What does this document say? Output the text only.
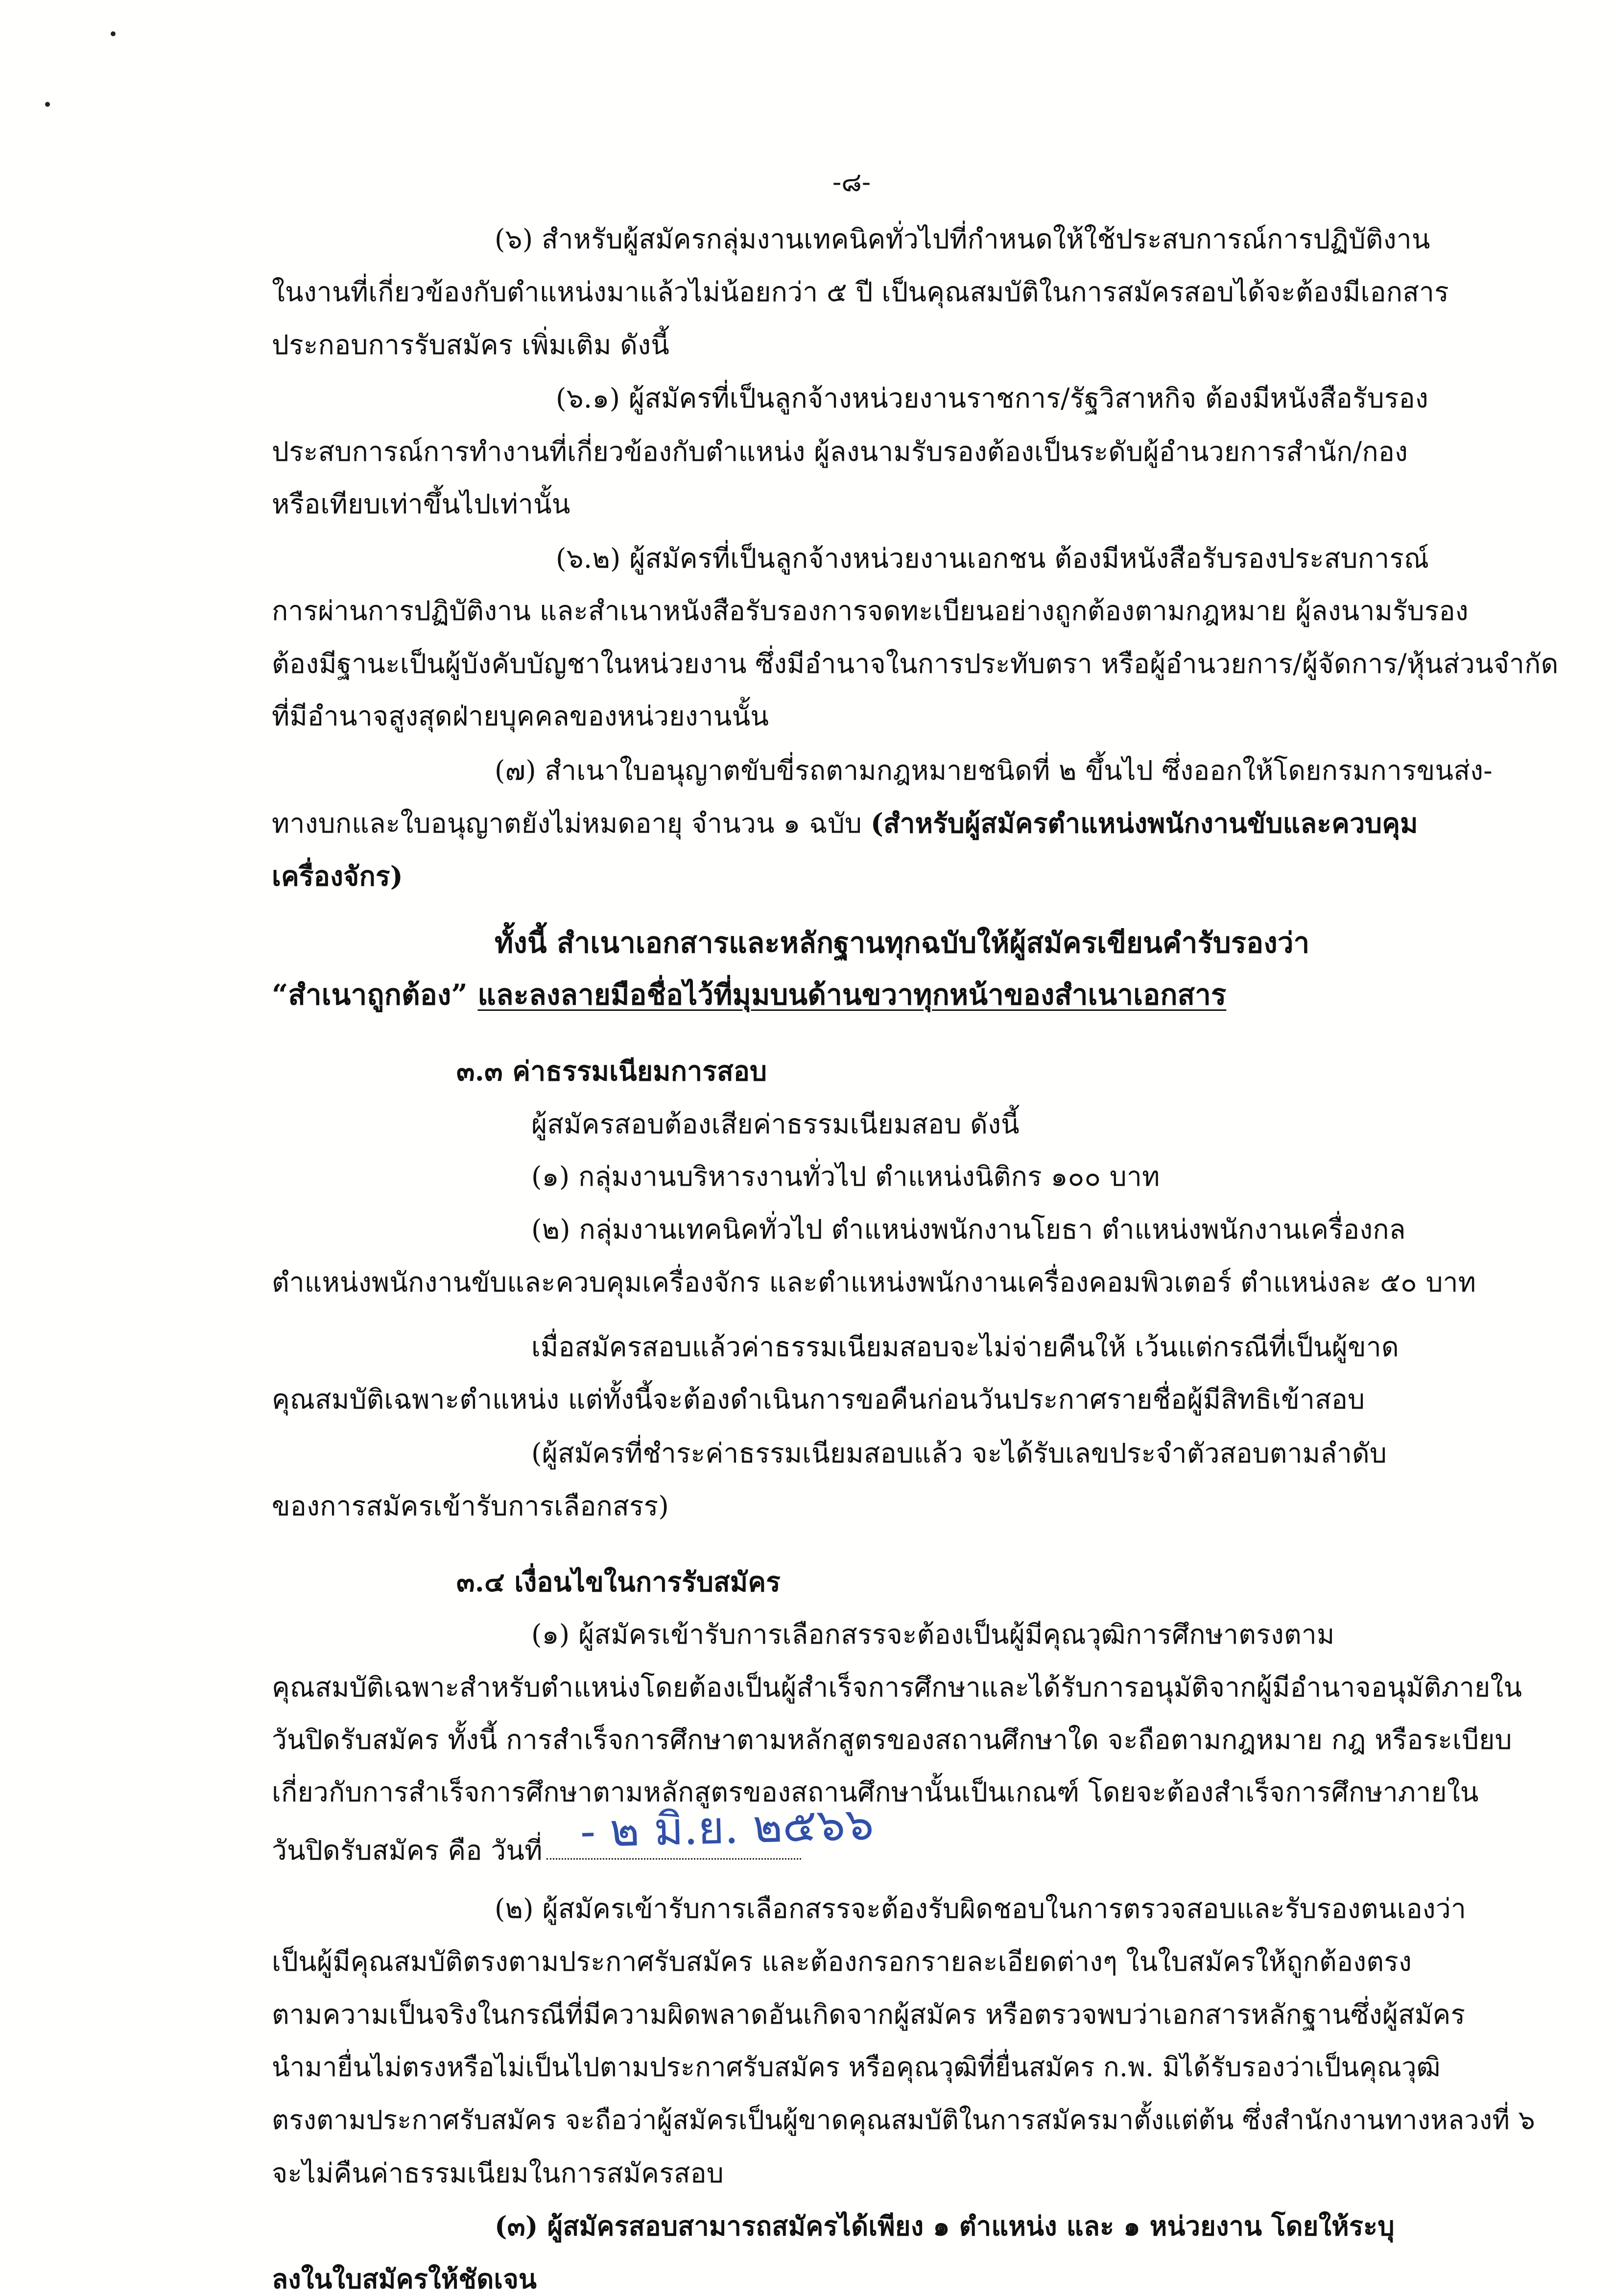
-๘-
(๖) สำหรับผู้สมัครกลุ่มงานเทคนิคทั่วไปที่กำหนดให้ใช้ประสบการณ์การปฏิบัติงาน
ในงานที่เกี่ยวข้องกับตำแหน่งมาแล้วไม่น้อยกว่า ๕ ปี เป็นคุณสมบัติในการสมัครสอบได้จะต้องมีเอกสาร
ประกอบการรับสมัคร เพิ่มเติม ดังนี้
(๖.๑) ผู้สมัครที่เป็นลูกจ้างหน่วยงานราชการ/รัฐวิสาหกิจ ต้องมีหนังสือรับรอง
ประสบการณ์การทำงานที่เกี่ยวข้องกับตำแหน่ง ผู้ลงนามรับรองต้องเป็นระดับผู้อำนวยการสำนัก/กอง
หรือเทียบเท่าขึ้นไปเท่านั้น
(๖.๒) ผู้สมัครที่เป็นลูกจ้างหน่วยงานเอกชน ต้องมีหนังสือรับรองประสบการณ์
การผ่านการปฏิบัติงาน และสำเนาหนังสือรับรองการจดทะเบียนอย่างถูกต้องตามกฎหมาย ผู้ลงนามรับรอง
ต้องมีฐานะเป็นผู้บังคับบัญชาในหน่วยงาน ซึ่งมีอำนาจในการประทับตรา หรือผู้อำนวยการ/ผู้จัดการ/หุ้นส่วนจำกัด
ที่มีอำนาจสูงสุดฝ่ายบุคคลของหน่วยงานนั้น
(๗) สำเนาใบอนุญาตขับขี่รถตามกฎหมายชนิดที่ ๒ ขึ้นไป ซึ่งออกให้โดยกรมการขนส่ง-
ทางบกและใบอนุญาตยังไม่หมดอายุ จำนวน ๑ ฉบับ (สำหรับผู้สมัครตำแหน่งพนักงานขับและควบคุม
เครื่องจักร)
ทั้งนี้ สำเนาเอกสารและหลักฐานทุกฉบับให้ผู้สมัครเขียนคำรับรองว่า
“สำเนาถูกต้อง” และลงลายมือชื่อไว้ที่มุมบนด้านขวาทุกหน้าของสำเนาเอกสาร
๓.๓ ค่าธรรมเนียมการสอบ
ผู้สมัครสอบต้องเสียค่าธรรมเนียมสอบ ดังนี้
(๑) กลุ่มงานบริหารงานทั่วไป ตำแหน่งนิติกร ๑๐๐ บาท
(๒) กลุ่มงานเทคนิคทั่วไป ตำแหน่งพนักงานโยธา ตำแหน่งพนักงานเครื่องกล
ตำแหน่งพนักงานขับและควบคุมเครื่องจักร และตำแหน่งพนักงานเครื่องคอมพิวเตอร์ ตำแหน่งละ ๕๐ บาท
เมื่อสมัครสอบแล้วค่าธรรมเนียมสอบจะไม่จ่ายคืนให้ เว้นแต่กรณีที่เป็นผู้ขาด
คุณสมบัติเฉพาะตำแหน่ง แต่ทั้งนี้จะต้องดำเนินการขอคืนก่อนวันประกาศรายชื่อผู้มีสิทธิเข้าสอบ
(ผู้สมัครที่ชำระค่าธรรมเนียมสอบแล้ว จะได้รับเลขประจำตัวสอบตามลำดับ
ของการสมัครเข้ารับการเลือกสรร)
๓.๔ เงื่อนไขในการรับสมัคร
(๑) ผู้สมัครเข้ารับการเลือกสรรจะต้องเป็นผู้มีคุณวุฒิการศึกษาตรงตาม
คุณสมบัติเฉพาะสำหรับตำแหน่งโดยต้องเป็นผู้สำเร็จการศึกษาและได้รับการอนุมัติจากผู้มีอำนาจอนุมัติภายใน
วันปิดรับสมัคร ทั้งนี้ การสำเร็จการศึกษาตามหลักสูตรของสถานศึกษาใด จะถือตามกฎหมาย กฎ หรือระเบียบ
เกี่ยวกับการสำเร็จการศึกษาตามหลักสูตรของสถานศึกษานั้นเป็นเกณฑ์ โดยจะต้องสำเร็จการศึกษาภายใน
วันปิดรับสมัคร คือ วันที่ - ๒ มิ.ย. ๒๕๖๖
(๒) ผู้สมัครเข้ารับการเลือกสรรจะต้องรับผิดชอบในการตรวจสอบและรับรองตนเองว่า
เป็นผู้มีคุณสมบัติตรงตามประกาศรับสมัคร และต้องกรอกรายละเอียดต่างๆ ในใบสมัครให้ถูกต้องตรง
ตามความเป็นจริงในกรณีที่มีความผิดพลาดอันเกิดจากผู้สมัคร หรือตรวจพบว่าเอกสารหลักฐานซึ่งผู้สมัคร
นำมายื่นไม่ตรงหรือไม่เป็นไปตามประกาศรับสมัคร หรือคุณวุฒิที่ยื่นสมัคร ก.พ. มิได้รับรองว่าเป็นคุณวุฒิ
ตรงตามประกาศรับสมัคร จะถือว่าผู้สมัครเป็นผู้ขาดคุณสมบัติในการสมัครมาตั้งแต่ต้น ซึ่งสำนักงานทางหลวงที่ ๖
จะไม่คืนค่าธรรมเนียมในการสมัครสอบ
(๓) ผู้สมัครสอบสามารถสมัครได้เพียง ๑ ตำแหน่ง และ ๑ หน่วยงาน โดยให้ระบุ
ลงในใบสมัครให้ชัดเจน
